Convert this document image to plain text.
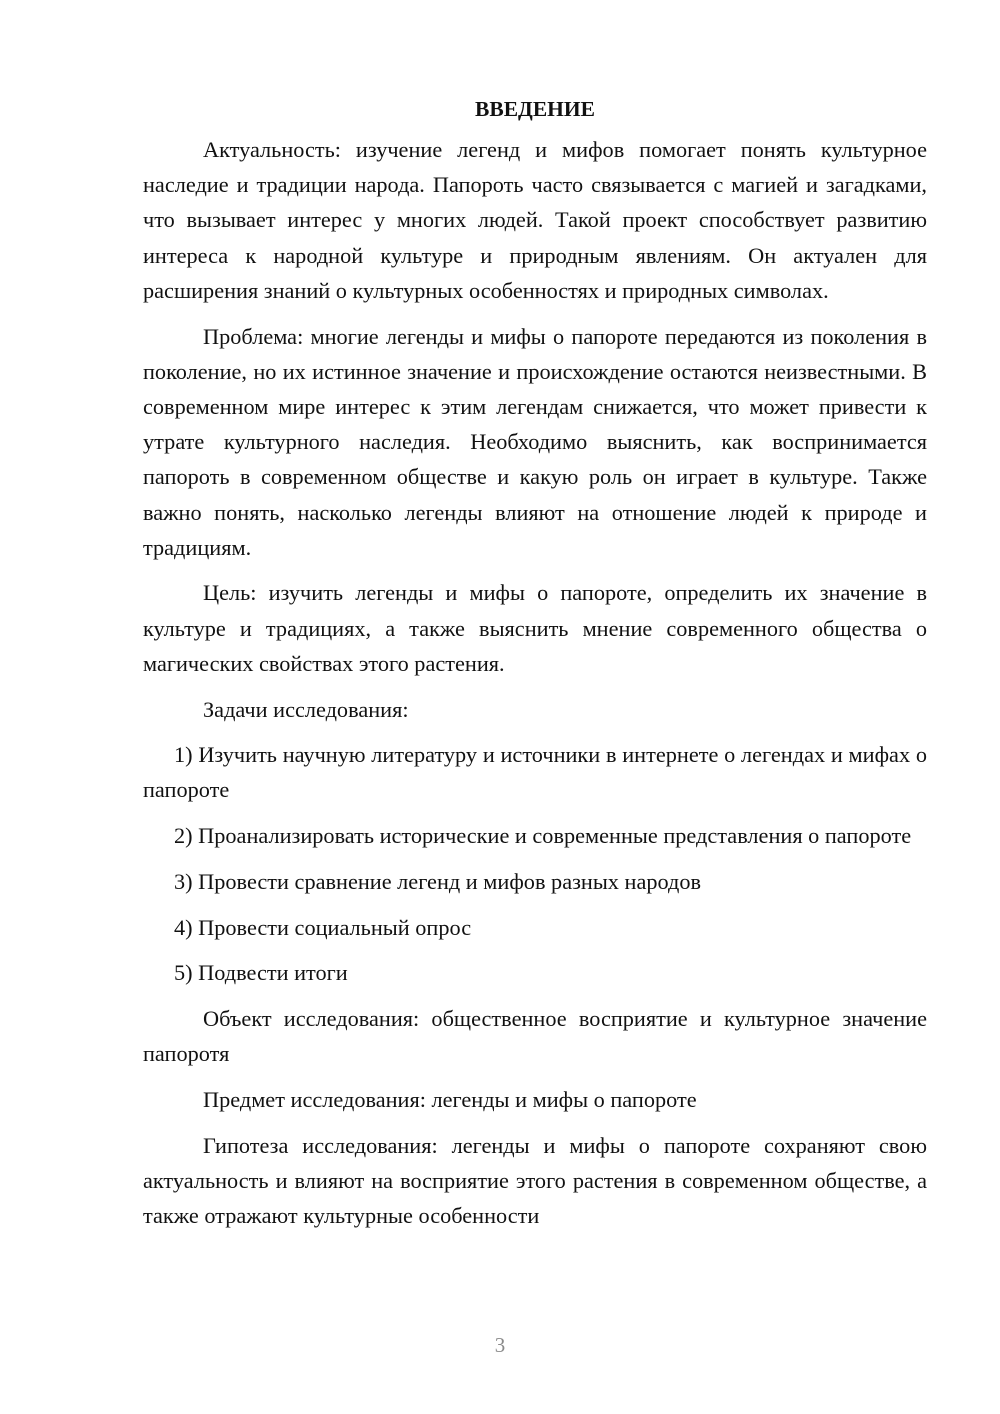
ВВЕДЕНИЕ

Актуальность: изучение легенд и мифов помогает понять культурное наследие и традиции народа. Папороть часто связывается с магией и загадками, что вызывает интерес у многих людей. Такой проект способствует развитию интереса к народной культуре и природным явлениям. Он актуален для расширения знаний о культурных особенностях и природных символах.

Проблема: многие легенды и мифы о папороте передаются из поколения в поколение, но их истинное значение и происхождение остаются неизвестными. В современном мире интерес к этим легендам снижается, что может привести к утрате культурного наследия. Необходимо выяснить, как воспринимается папороть в современном обществе и какую роль он играет в культуре. Также важно понять, насколько легенды влияют на отношение людей к природе и традициям.

Цель: изучить легенды и мифы о папороте, определить их значение в культуре и традициях, а также выяснить мнение современного общества о магических свойствах этого растения.

Задачи исследования:

1) Изучить научную литературу и источники в интернете о легендах и мифах о папороте

2) Проанализировать исторические и современные представления о папороте

3) Провести сравнение легенд и мифов разных народов

4) Провести социальный опрос

5) Подвести итоги

Объект исследования: общественное восприятие и культурное значение папоротя

Предмет исследования: легенды и мифы о папороте

Гипотеза исследования: легенды и мифы о папороте сохраняют свою актуальность и влияют на восприятие этого растения в современном обществе, а также отражают культурные особенности

3
